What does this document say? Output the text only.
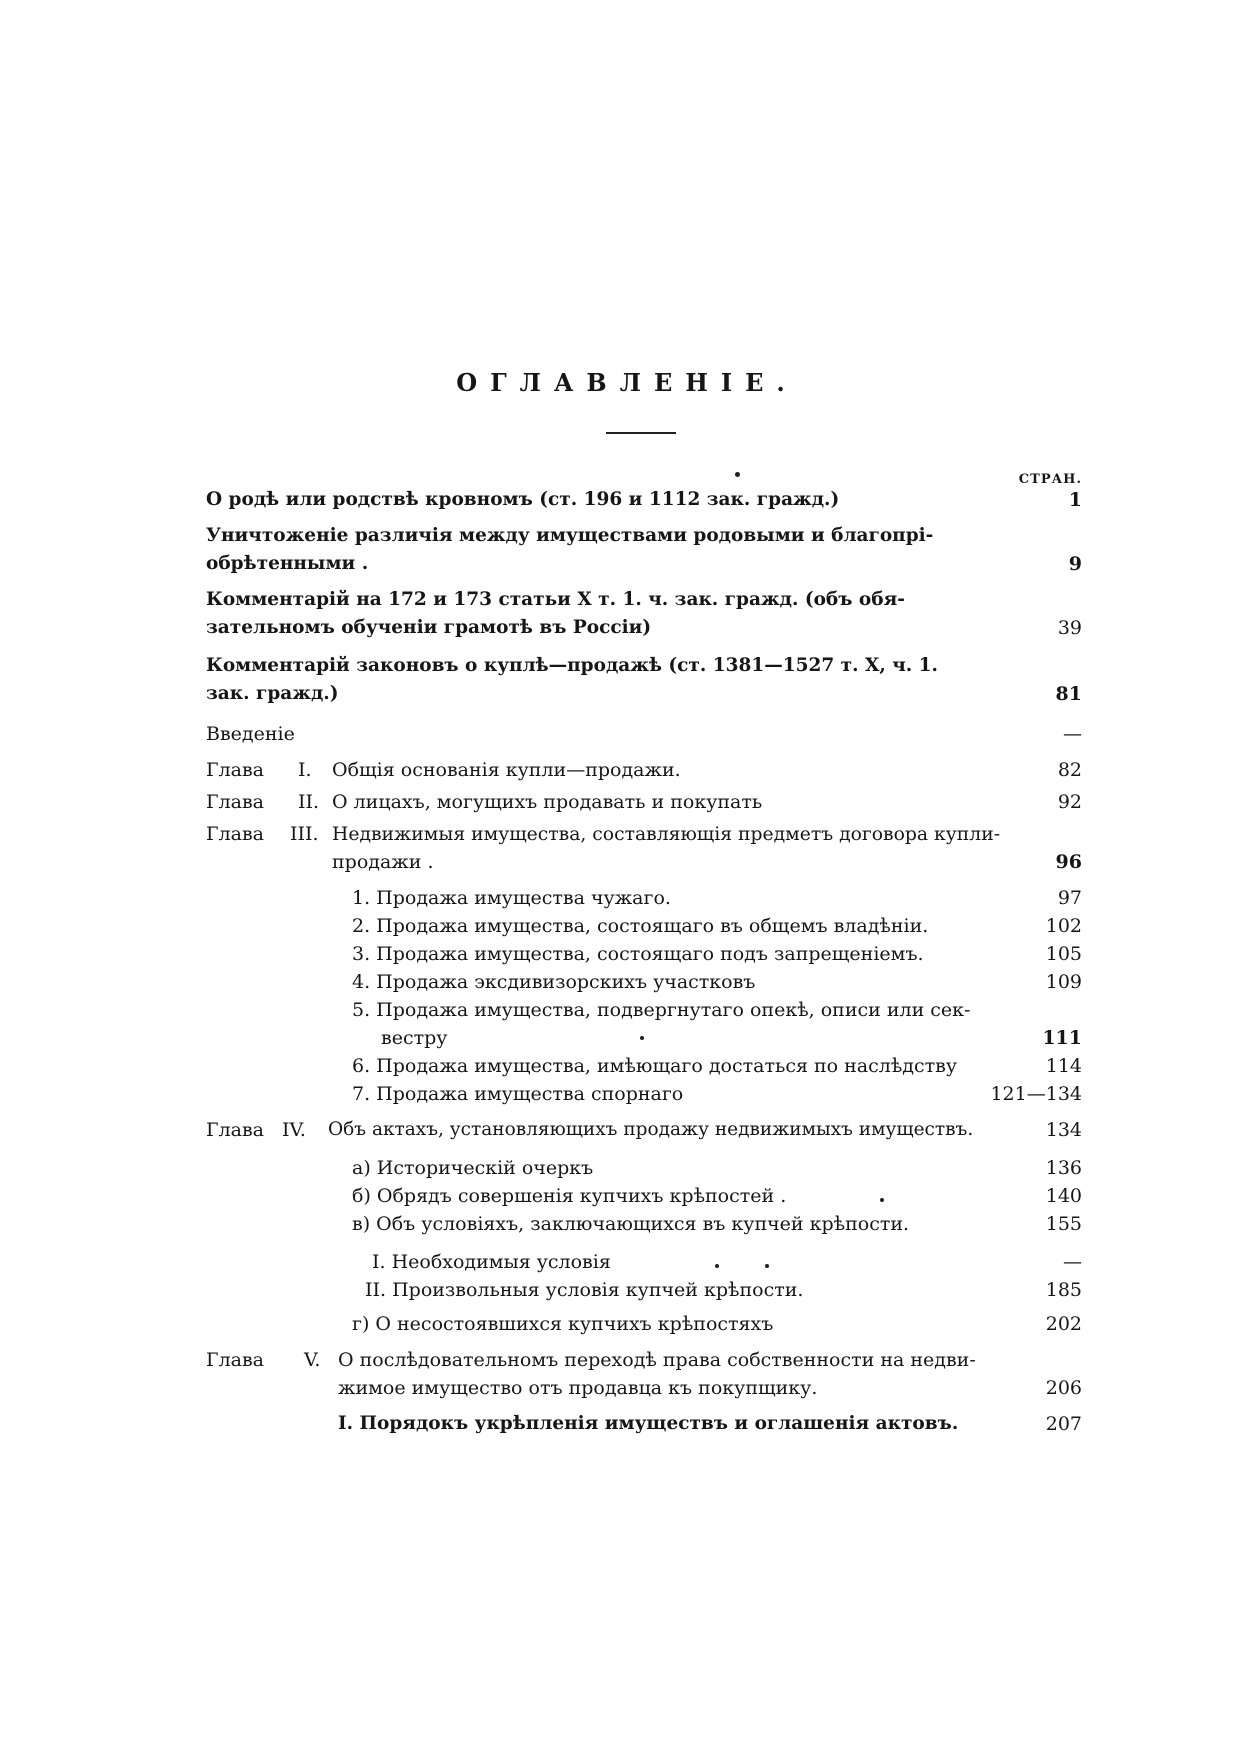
ОГЛАВЛЕНІЕ.
СТРАН.
О родѣ или родствѣ кровномъ (ст. 196 и 1112 зак. гражд.)	1
Уничтоженіе различія между имуществами родовыми и благопрі-
обрѣтенными .	9
Комментарій на 172 и 173 статьи X т. 1. ч. зак. гражд. (объ обя-
зательномъ обученіи грамотѣ въ Россіи)	39
Комментарій законовъ о куплѣ—продажѣ (ст. 1381—1527 т. X, ч. 1.
зак. гражд.)	81
Введеніе	—
Глава I. Общія основанія купли—продажи.	82
Глава II. О лицахъ, могущихъ продавать и покупать	92
Глава III. Недвижимыя имущества, составляющія предметъ договора купли-
продажи .	96
1. Продажа имущества чужаго.	97
2. Продажа имущества, состоящаго въ общемъ владѣніи.	102
3. Продажа имущества, состоящаго подъ запрещеніемъ.	105
4. Продажа эксдивизорскихъ участковъ	109
5. Продажа имущества, подвергнутаго опекѣ, описи или сек-
вестру	111
6. Продажа имущества, имѣющаго достаться по наслѣдству	114
7. Продажа имущества спорнаго	121—134
Глава IV. Объ актахъ, установляющихъ продажу недвижимыхъ имуществъ.	134
а) Историческій очеркъ	136
б) Обрядъ совершенія купчихъ крѣпостей .	140
в) Объ условіяхъ, заключающихся въ купчей крѣпости.	155
I. Необходимыя условія	—
II. Произвольныя условія купчей крѣпости.	185
г) О несостоявшихся купчихъ крѣпостяхъ	202
Глава V. О послѣдовательномъ переходѣ права собственности на недви-
жимое имущество отъ продавца къ покупщику.	206
I. Порядокъ укрѣпленія имуществъ и оглашенія актовъ.	207
